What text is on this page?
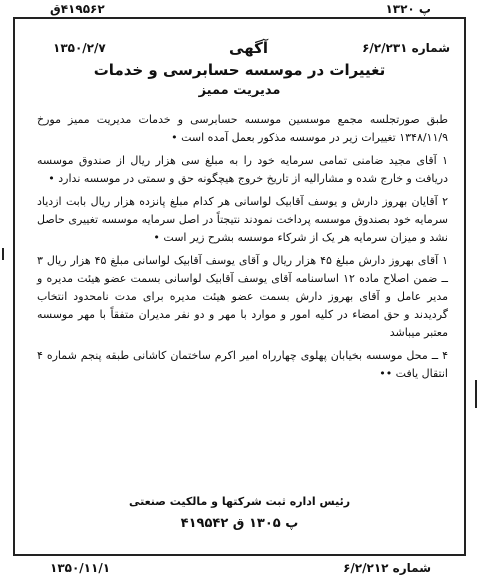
پ ۱۳۲۰
۴۱۹۵۶۲ق
شماره ۶/۲/۲۳۱
آگهی
۱۳۵۰/۲/۷
تغییرات در موسسه حسابرسی و خدمات
مدیریت ممیز

طبق صورتجلسه مجمع موسسین موسسه حسابرسی و خدمات مدیریت ممیز مورخ ۱۳۴۸/۱۱/۹ تغییرات زیر در موسسه مذکور بعمل آمده است •

۱ آقای مجید ضامنی تمامی سرمایه خود را به مبلغ سی هزار ریال از صندوق موسسه دریافت و خارج شده و مشارالیه از تاریخ خروج هیچگونه حق و سمتی در موسسه ندارد •

۲ آقایان بهروز دارش و یوسف آقابیک لواسانی هر کدام مبلغ پانزده هزار ریال بابت ازدیاد سرمایه خود بصندوق موسسه پرداخت نمودند نتیجتاً در اصل سرمایه موسسه تغییری حاصل نشد و میزان سرمایه هر یک از شرکاء موسسه بشرح زیر است •

۱ آقای بهروز دارش مبلغ ۴۵ هزار ریال و آقای یوسف آقابیک لواسانی مبلغ ۴۵ هزار ریال ۳ ــ ضمن اصلاح ماده ۱۲ اساسنامه آقای یوسف آقابیک لواسانی بسمت عضو هیئت مدیره و مدیر عامل و آقای بهروز دارش بسمت عضو هیئت مدیره برای مدت نامحدود انتخاب گردیدند و حق امضاء در کلیه امور و موارد با مهر و دو نفر مدیران متفقاً با مهر موسسه معتبر میباشد

۴ ــ محل موسسه بخیابان پهلوی چهارراه امیر اکرم ساختمان کاشانی طبقه پنجم شماره ۴ انتقال یافت ••

رئیس اداره ثبت شرکتها و مالکیت صنعتی
پ ۱۳۰۵ ق ۴۱۹۵۴۲
شماره ۶/۲/۲۱۲
۱۳۵۰/۱۱/۱
